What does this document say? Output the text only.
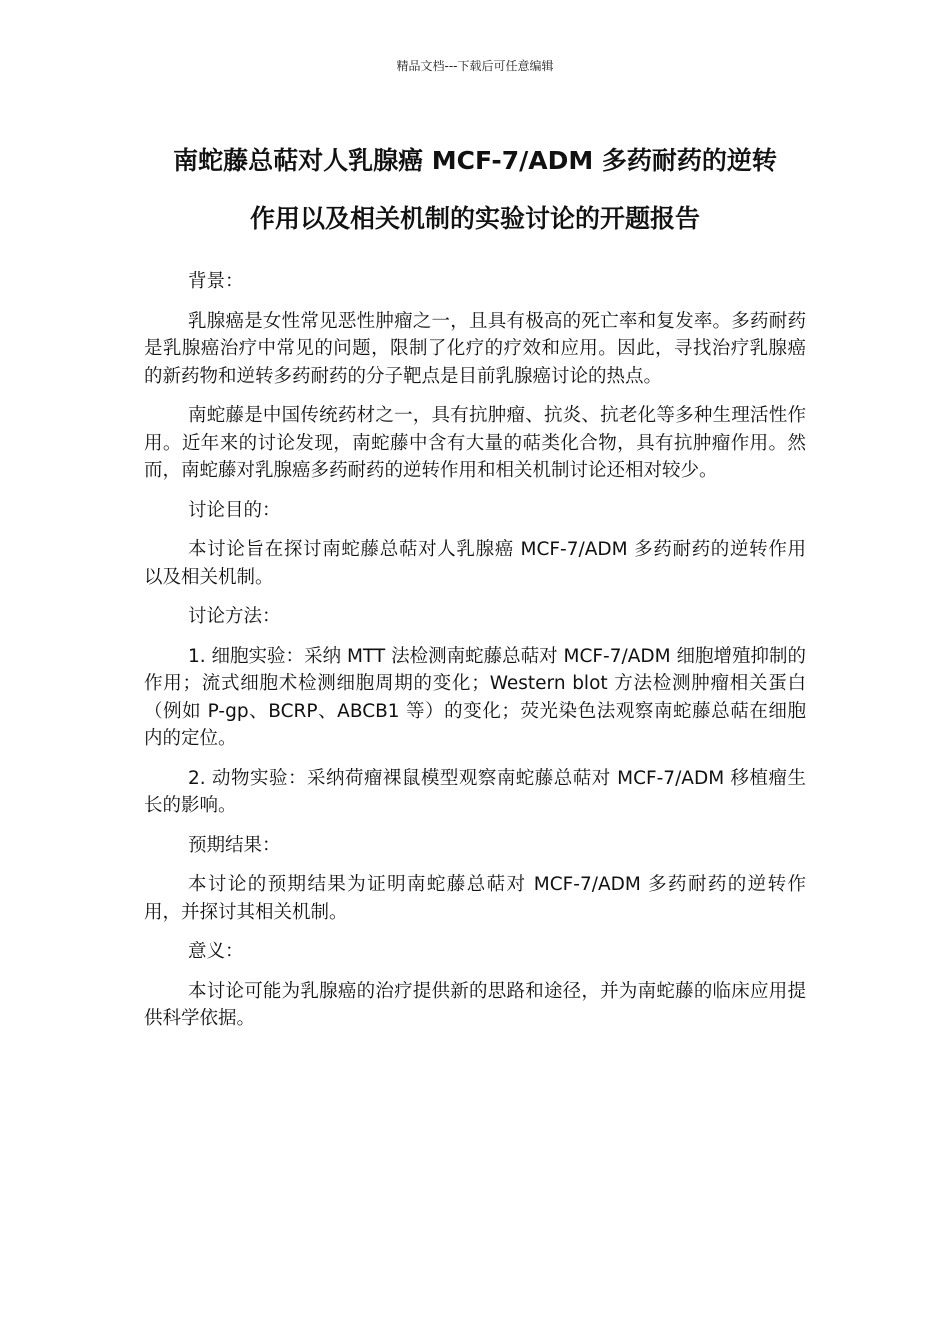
精品文档---下载后可任意编辑
南蛇藤总萜对人乳腺癌 MCF-7/ADM 多药耐药的逆转
作用以及相关机制的实验讨论的开题报告

背景：

乳腺癌是女性常见恶性肿瘤之一，且具有极高的死亡率和复发率。多药耐药是乳腺癌治疗中常见的问题，限制了化疗的疗效和应用。因此，寻找治疗乳腺癌的新药物和逆转多药耐药的分子靶点是目前乳腺癌讨论的热点。

南蛇藤是中国传统药材之一，具有抗肿瘤、抗炎、抗老化等多种生理活性作用。近年来的讨论发现，南蛇藤中含有大量的萜类化合物，具有抗肿瘤作用。然而，南蛇藤对乳腺癌多药耐药的逆转作用和相关机制讨论还相对较少。

讨论目的：

本讨论旨在探讨南蛇藤总萜对人乳腺癌 MCF-7/ADM 多药耐药的逆转作用以及相关机制。

讨论方法：

1. 细胞实验：采纳 MTT 法检测南蛇藤总萜对 MCF-7/ADM 细胞增殖抑制的作用；流式细胞术检测细胞周期的变化；Western blot 方法检测肿瘤相关蛋白（例如 P-gp、BCRP、ABCB1 等）的变化；荧光染色法观察南蛇藤总萜在细胞内的定位。

2. 动物实验：采纳荷瘤裸鼠模型观察南蛇藤总萜对 MCF-7/ADM 移植瘤生长的影响。

预期结果：

本讨论的预期结果为证明南蛇藤总萜对 MCF-7/ADM 多药耐药的逆转作用，并探讨其相关机制。

意义：

本讨论可能为乳腺癌的治疗提供新的思路和途径，并为南蛇藤的临床应用提供科学依据。
